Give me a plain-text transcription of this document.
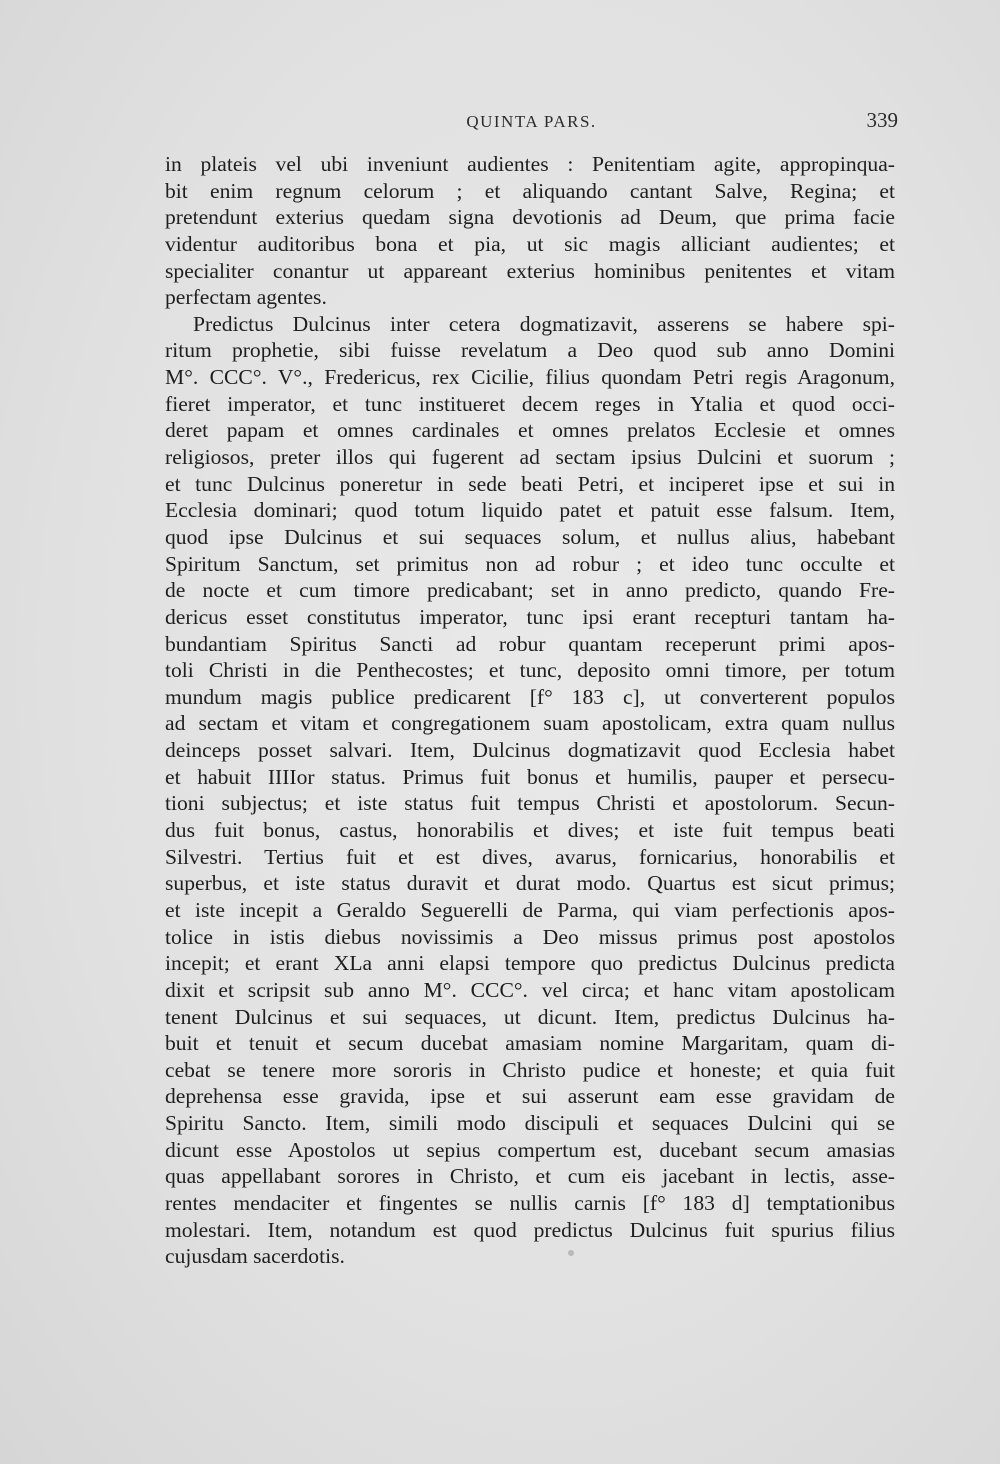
QUINTA PARS.	339
in plateis vel ubi inveniunt audientes : Penitentiam agite, appropinqua-
bit enim regnum celorum ; et aliquando cantant Salve, Regina; et
pretendunt exterius quedam signa devotionis ad Deum, que prima facie
videntur auditoribus bona et pia, ut sic magis alliciant audientes; et
specialiter conantur ut appareant exterius hominibus penitentes et vitam
perfectam agentes.
Predictus Dulcinus inter cetera dogmatizavit, asserens se habere spi-
ritum prophetie, sibi fuisse revelatum a Deo quod sub anno Domini
M°. CCC°. V°., Fredericus, rex Cicilie, filius quondam Petri regis Aragonum,
fieret imperator, et tunc institueret decem reges in Ytalia et quod occi-
deret papam et omnes cardinales et omnes prelatos Ecclesie et omnes
religiosos, preter illos qui fugerent ad sectam ipsius Dulcini et suorum ;
et tunc Dulcinus poneretur in sede beati Petri, et inciperet ipse et sui in
Ecclesia dominari; quod totum liquido patet et patuit esse falsum. Item,
quod ipse Dulcinus et sui sequaces solum, et nullus alius, habebant
Spiritum Sanctum, set primitus non ad robur ; et ideo tunc occulte et
de nocte et cum timore predicabant; set in anno predicto, quando Fre-
dericus esset constitutus imperator, tunc ipsi erant recepturi tantam ha-
bundantiam Spiritus Sancti ad robur quantam receperunt primi apos-
toli Christi in die Penthecostes; et tunc, deposito omni timore, per totum
mundum magis publice predicarent [f° 183 c], ut converterent populos
ad sectam et vitam et congregationem suam apostolicam, extra quam nullus
deinceps posset salvari. Item, Dulcinus dogmatizavit quod Ecclesia habet
et habuit IIIIor status. Primus fuit bonus et humilis, pauper et persecu-
tioni subjectus; et iste status fuit tempus Christi et apostolorum. Secun-
dus fuit bonus, castus, honorabilis et dives; et iste fuit tempus beati
Silvestri. Tertius fuit et est dives, avarus, fornicarius, honorabilis et
superbus, et iste status duravit et durat modo. Quartus est sicut primus;
et iste incepit a Geraldo Seguerelli de Parma, qui viam perfectionis apos-
tolice in istis diebus novissimis a Deo missus primus post apostolos
incepit; et erant XLa anni elapsi tempore quo predictus Dulcinus predicta
dixit et scripsit sub anno M°. CCC°. vel circa; et hanc vitam apostolicam
tenent Dulcinus et sui sequaces, ut dicunt. Item, predictus Dulcinus ha-
buit et tenuit et secum ducebat amasiam nomine Margaritam, quam di-
cebat se tenere more sororis in Christo pudice et honeste; et quia fuit
deprehensa esse gravida, ipse et sui asserunt eam esse gravidam de
Spiritu Sancto. Item, simili modo discipuli et sequaces Dulcini qui se
dicunt esse Apostolos ut sepius compertum est, ducebant secum amasias
quas appellabant sorores in Christo, et cum eis jacebant in lectis, asse-
rentes mendaciter et fingentes se nullis carnis [f° 183 d] temptationibus
molestari. Item, notandum est quod predictus Dulcinus fuit spurius filius
cujusdam sacerdotis.
